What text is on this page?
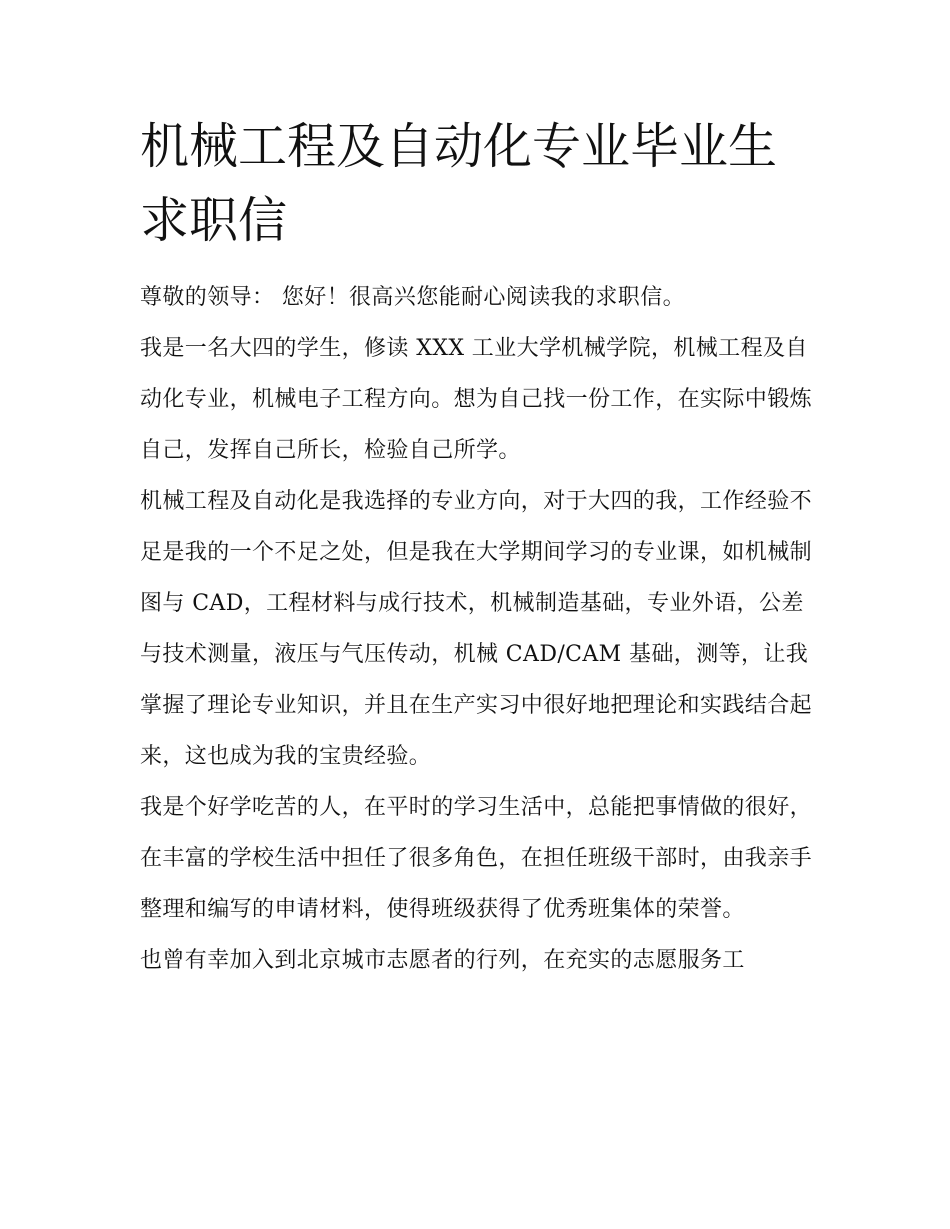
机械工程及自动化专业毕业生
求职信

尊敬的领导： 您好！很高兴您能耐心阅读我的求职信。

我是一名大四的学生，修读 XXX 工业大学机械学院，机械工程及自动化专业，机械电子工程方向。想为自己找一份工作，在实际中锻炼自己，发挥自己所长，检验自己所学。

机械工程及自动化是我选择的专业方向，对于大四的我，工作经验不足是我的一个不足之处，但是我在大学期间学习的专业课，如机械制图与 CAD，工程材料与成行技术，机械制造基础，专业外语，公差与技术测量，液压与气压传动，机械 CAD/CAM 基础，测等，让我掌握了理论专业知识，并且在生产实习中很好地把理论和实践结合起来，这也成为我的宝贵经验。

我是个好学吃苦的人，在平时的学习生活中，总能把事情做的很好，在丰富的学校生活中担任了很多角色，在担任班级干部时，由我亲手整理和编写的申请材料，使得班级获得了优秀班集体的荣誉。

也曾有幸加入到北京城市志愿者的行列，在充实的志愿服务工
